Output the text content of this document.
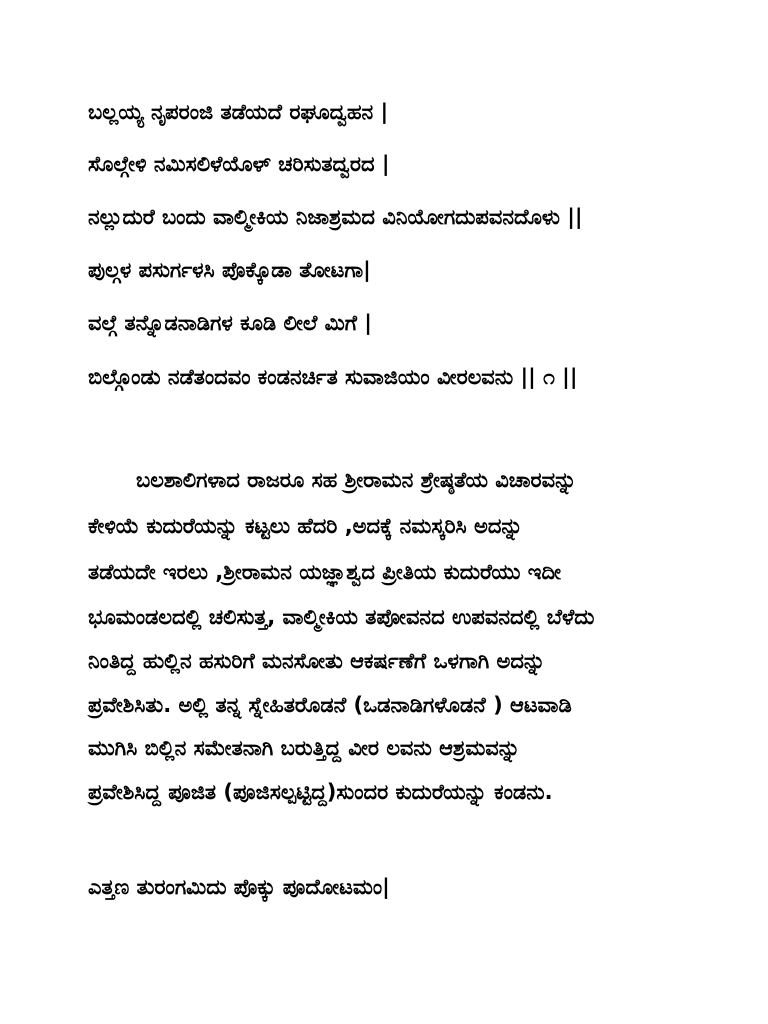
ಬಲ್ಲಯ್ಯ ನೃಪರಂಜಿ ತಡೆಯದೆ ರಘೂದ್ವಹನ |
ಸೊಲ್ಗೇಳಿ ನಮಿಸಲಿಳೆಯೊಳ್ ಚರಿಸುತದ್ವರದ |
ನಲ್ಲುದುರೆ ಬಂದು ವಾಲ್ಮೀಕಿಯ ನಿಜಾಶ್ರಮದ ವಿನಿಯೋಗದುಪವನದೊಳು ||
ಪುಲ್ಗಳ ಪಸುರ್ಗಳಸಿ ಪೊಕ್ಕೊಡಾ ತೋಟಗಾ|
ವಲ್ಗೆ ತನ್ನೊಡನಾಡಿಗಳ ಕೂಡಿ ಲೀಲೆ ಮಿಗೆ |
ಬಿಲ್ಗೊಂಡು ನಡೆತಂದವಂ ಕಂಡನರ್ಚಿತ ಸುವಾಜಿಯಂ ವೀರಲವನು || ೧ ||
ಬಲಶಾಲಿಗಳಾದ ರಾಜರೂ ಸಹ ಶ್ರೀರಾಮನ ಶ್ರೇಷ್ಠತೆಯ ವಿಚಾರವನ್ನು
ಕೇಳಿಯೆ ಕುದುರೆಯನ್ನು ಕಟ್ಟಲು ಹೆದರಿ ,ಅದಕ್ಕೆ ನಮಸ್ಕರಿಸಿ ಅದನ್ನು
ತಡೆಯದೇ ಇರಲು ,ಶ್ರೀರಾಮನ ಯಜ್ಞಾಶ್ವದ ಪ್ರೀತಿಯ ಕುದುರೆಯು ಇದೀ
ಭೂಮಂಡಲದಲ್ಲಿ ಚಲಿಸುತ್ತ, ವಾಲ್ಮೀಕಿಯ ತಪೋವನದ ಉಪವನದಲ್ಲಿ ಬೆಳೆದು
ನಿಂತಿದ್ದ ಹುಲ್ಲಿನ ಹಸುರಿಗೆ ಮನಸೋತು ಆಕರ್ಷಣೆಗೆ ಒಳಗಾಗಿ ಅದನ್ನು
ಪ್ರವೇಶಿಸಿತು. ಅಲ್ಲಿ ತನ್ನ ಸ್ನೇಹಿತರೊಡನೆ (ಒಡನಾಡಿಗಳೊಡನೆ ) ಆಟವಾಡಿ
ಮುಗಿಸಿ ಬಿಲ್ಲಿನ ಸಮೇತನಾಗಿ ಬರುತ್ತಿದ್ದ ವೀರ ಲವನು ಆಶ್ರಮವನ್ನು
ಪ್ರವೇಶಿಸಿದ್ದ ಪೂಜಿತ (ಪೂಜಿಸಲ್ಪಟ್ಟಿದ್ದ)ಸುಂದರ ಕುದುರೆಯನ್ನು ಕಂಡನು.
ಎತ್ತಣ ತುರಂಗಮಿದು ಪೊಕ್ಕು ಪೂದೋಟಮಂ|
